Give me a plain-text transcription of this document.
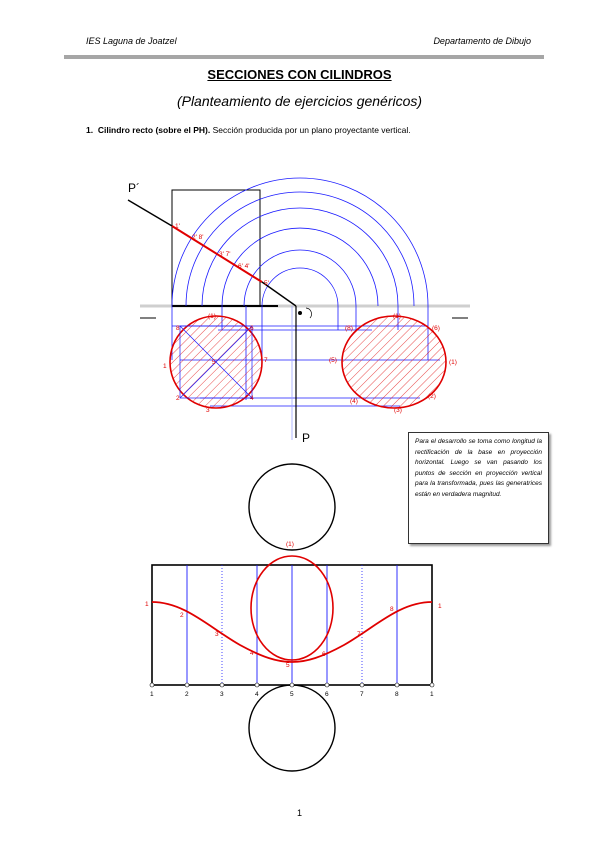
IES Laguna de Joatzel	Departamento de Dibujo
SECCIONES CON CILINDROS
(Planteamiento de ejercicios genéricos)
1. Cilindro recto (sobre el PH). Sección producida por un plano proyectante vertical.
P´
P
1'
2' 8'
3' 7'
6' 4'
5'
8
(1)
6
1
7
5
2	4
3
(8)
(1)
(6)
(5)	(1)
(4)
(3)
(2)
(1)
1
2
3
4
5
6
7
8	1
1	2	3	4	5	6	7	8	1
Para el desarrollo se toma como longitud la rectificación de la base en proyección horizontal. Luego se van pasando los puntos de sección en proyección vertical para la transformada, pues las generatrices están en verdadera magnitud.
1
